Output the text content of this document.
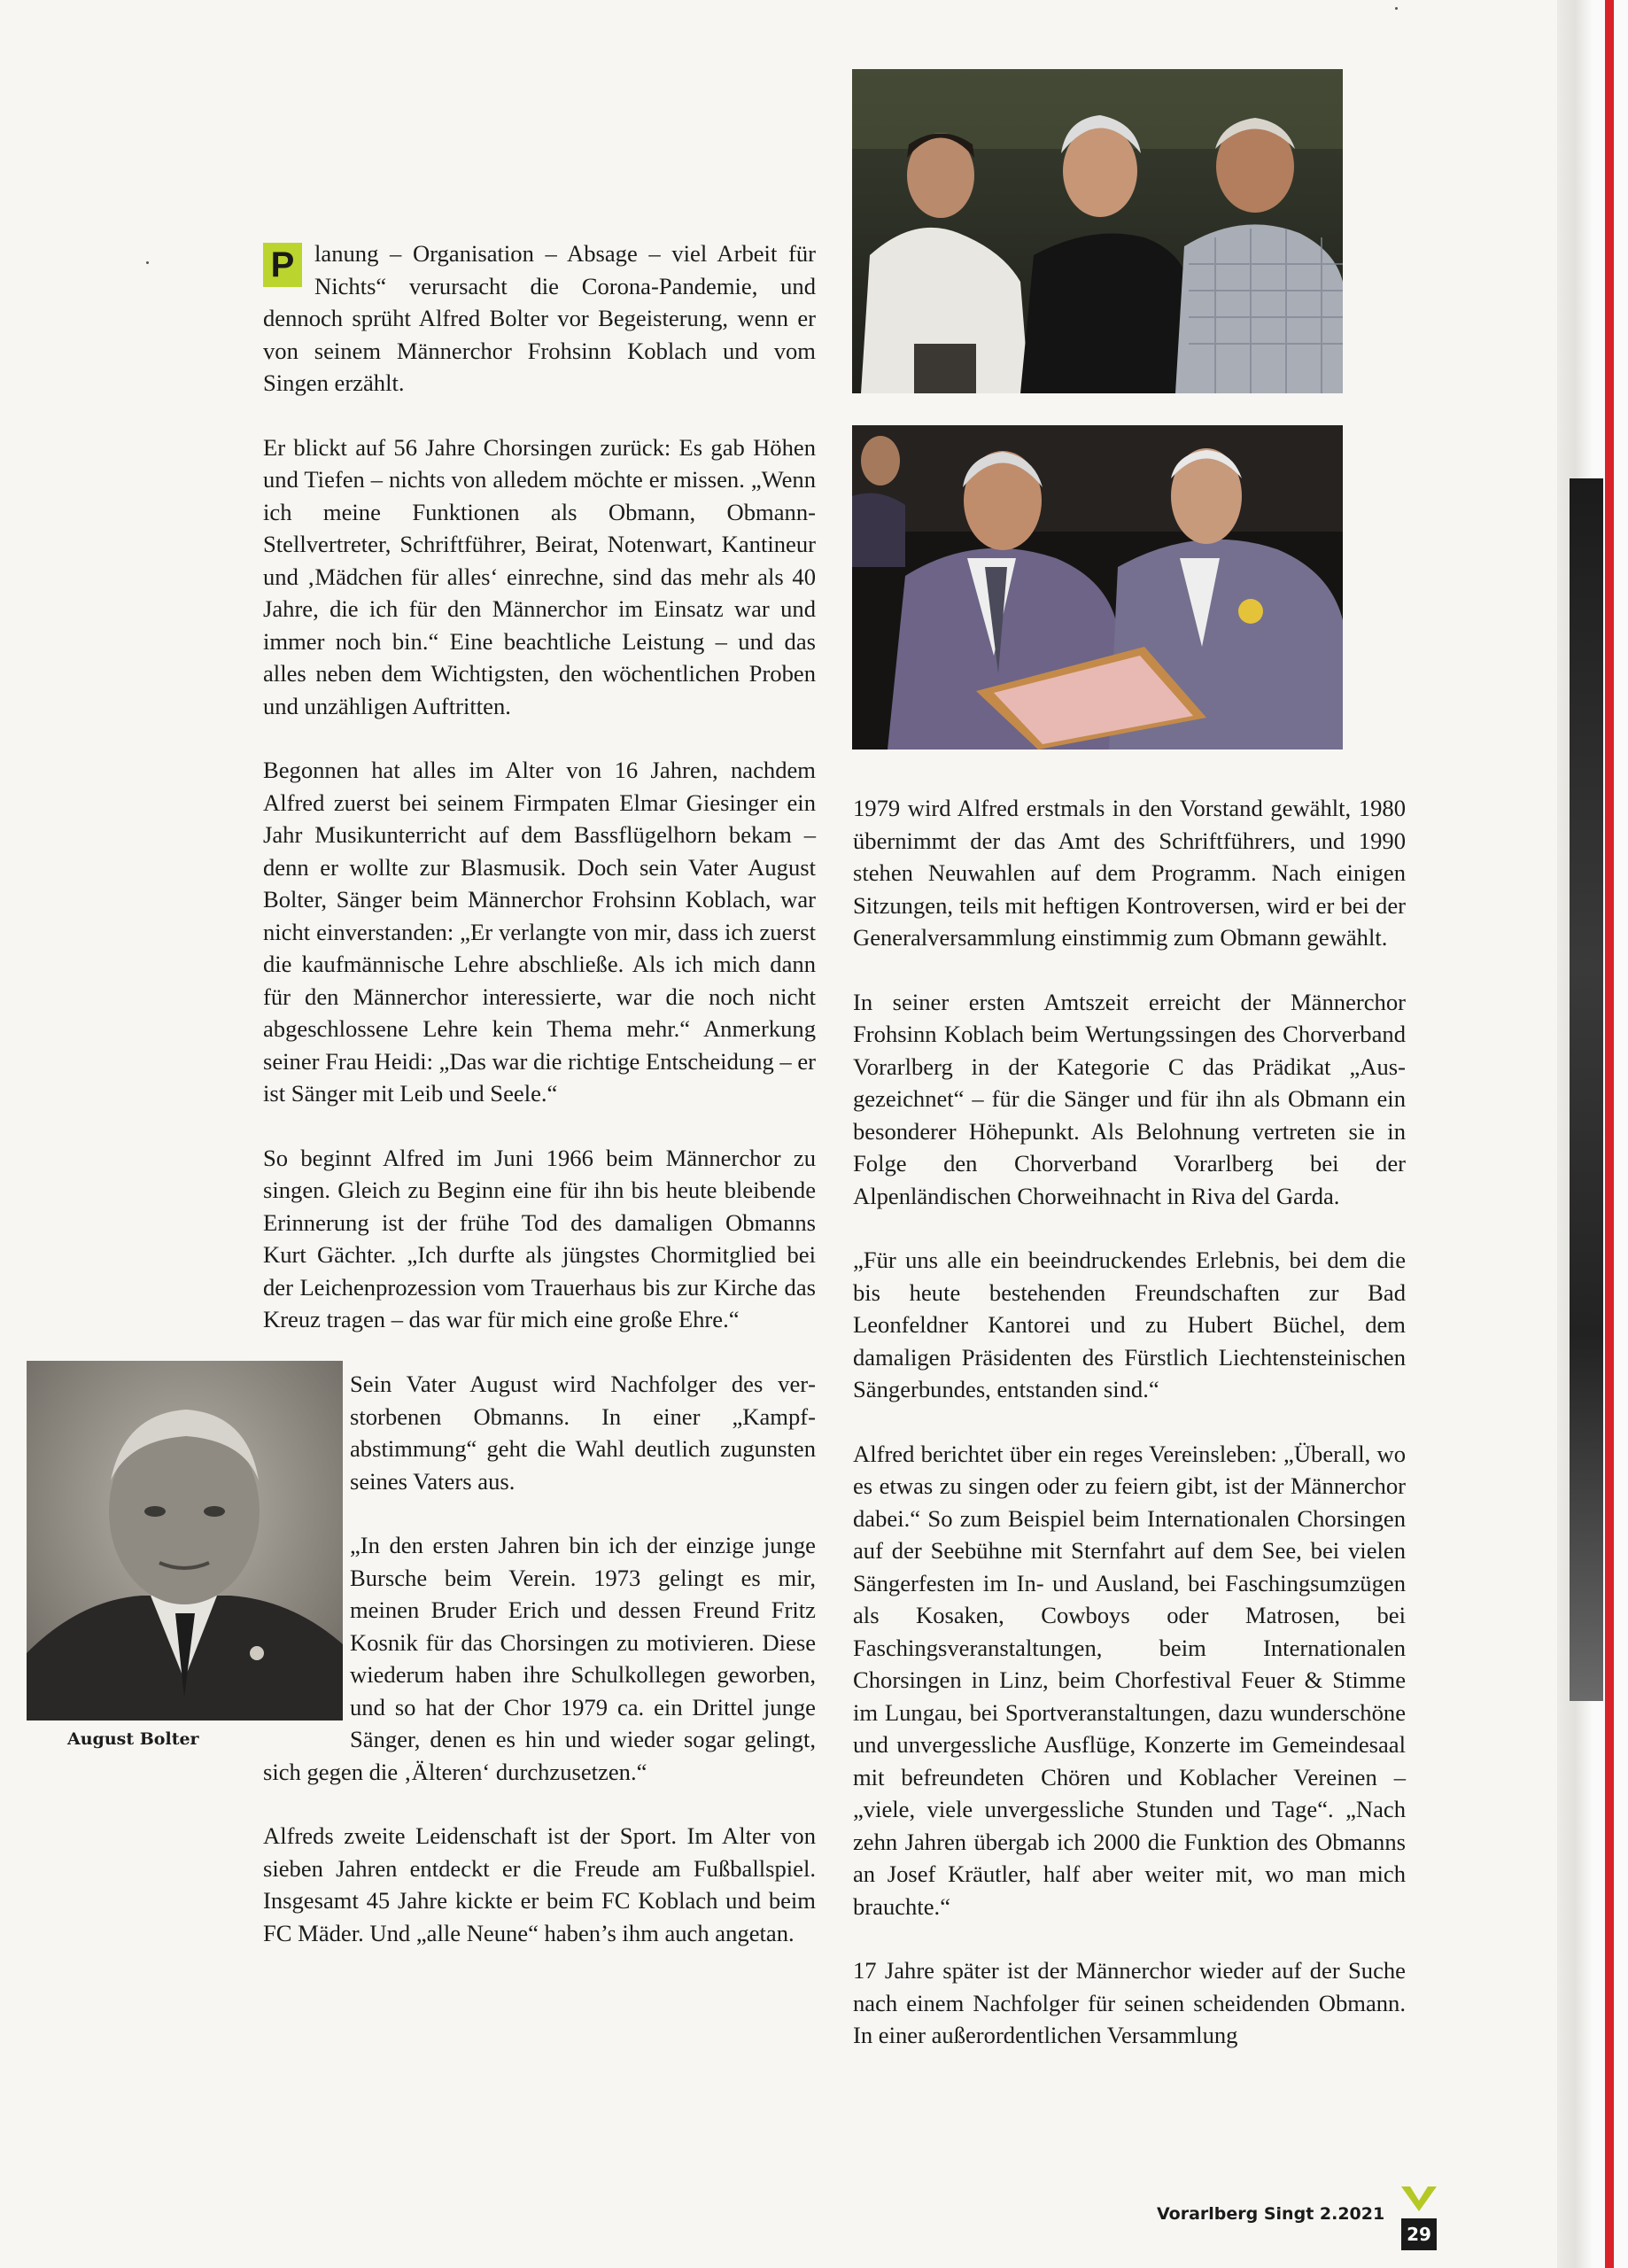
August Bolter

P lanung – Organisation – Absage – viel Arbeit für Nichts“ verursacht die Corona-Pandemie, und dennoch sprüht Alfred Bolter vor Begeisterung, wenn er von seinem Männerchor Frohsinn Koblach und vom Singen erzählt.

Er blickt auf 56 Jahre Chorsingen zurück: Es gab Höhen und Tiefen – nichts von alledem möchte er missen. „Wenn ich meine Funktionen als Obmann, Obmann-Stellvertreter, Schriftführer, Beirat, Notenwart, Kantineur und ‚Mädchen für alles‘ einrechne, sind das mehr als 40 Jahre, die ich für den Männerchor im Einsatz war und immer noch bin.“ Eine beachtliche Leistung – und das alles neben dem Wichtigsten, den wöchentlichen Proben und unzähligen Auftritten.

Begonnen hat alles im Alter von 16 Jahren, nachdem Alfred zuerst bei seinem Firmpaten Elmar Giesinger ein Jahr Musikunterricht auf dem Bassflügelhorn bekam – denn er wollte zur Blasmusik. Doch sein Vater August Bolter, Sänger beim Männerchor Frohsinn Koblach, war nicht einverstanden: „Er verlangte von mir, dass ich zuerst die kaufmännische Lehre abschließe. Als ich mich dann für den Männerchor interessierte, war die noch nicht abgeschlossene Lehre kein Thema mehr.“ Anmerkung seiner Frau Heidi: „Das war die richtige Entscheidung – er ist Sänger mit Leib und Seele.“

So beginnt Alfred im Juni 1966 beim Männerchor zu singen. Gleich zu Beginn eine für ihn bis heute bleibende Erinnerung ist der frühe Tod des damaligen Obmanns Kurt Gächter. „Ich durfte als jüngstes Chormitglied bei der Leichenprozession vom Trauerhaus bis zur Kirche das Kreuz tragen – das war für mich eine große Ehre.“

Sein Vater August wird Nachfolger des verstorbenen Obmanns. In einer „Kampfabstimmung“ geht die Wahl deutlich zugunsten seines Vaters aus.

„In den ersten Jahren bin ich der einzige junge Bursche beim Verein. 1973 gelingt es mir, meinen Bruder Erich und dessen Freund Fritz Kosnik für das Chorsingen zu motivieren. Diese wiederum haben ihre Schulkollegen geworben, und so hat der Chor 1979 ca. ein Drittel junge Sänger, denen es hin und wieder sogar gelingt, sich gegen die ‚Älteren‘ durchzusetzen.“

Alfreds zweite Leidenschaft ist der Sport. Im Alter von sieben Jahren entdeckt er die Freude am Fußballspiel. Insgesamt 45 Jahre kickte er beim FC Koblach und beim FC Mäder. Und „alle Neune“ haben’s ihm auch angetan.

1979 wird Alfred erstmals in den Vorstand gewählt, 1980 übernimmt der das Amt des Schriftführers, und 1990 stehen Neuwahlen auf dem Programm. Nach einigen Sitzungen, teils mit heftigen Kontroversen, wird er bei der Generalversammlung einstimmig zum Obmann gewählt.

In seiner ersten Amtszeit erreicht der Männerchor Frohsinn Koblach beim Wertungssingen des Chorverband Vorarlberg in der Kategorie C das Prädikat „Ausgezeichnet“ – für die Sänger und für ihn als Obmann ein besonderer Höhepunkt. Als Belohnung vertreten sie in Folge den Chorverband Vorarlberg bei der Alpenländischen Chorweihnacht in Riva del Garda.

„Für uns alle ein beeindruckendes Erlebnis, bei dem die bis heute bestehenden Freundschaften zur Bad Leonfeldner Kantorei und zu Hubert Büchel, dem damaligen Präsidenten des Fürstlich Liechtensteinischen Sängerbundes, entstanden sind.“

Alfred berichtet über ein reges Vereinsleben: „Überall, wo es etwas zu singen oder zu feiern gibt, ist der Männerchor dabei.“ So zum Beispiel beim Internationalen Chorsingen auf der Seebühne mit Sternfahrt auf dem See, bei vielen Sängerfesten im In- und Ausland, bei Faschingsumzügen als Kosaken, Cowboys oder Matrosen, bei Faschingsveranstaltungen, beim Internationalen Chorsingen in Linz, beim Chorfestival Feuer & Stimme im Lungau, bei Sportveranstaltungen, dazu wunderschöne und unvergessliche Ausflüge, Konzerte im Gemeindesaal mit befreundeten Chören und Koblacher Vereinen – „viele, viele unvergessliche Stunden und Tage“. „Nach zehn Jahren übergab ich 2000 die Funktion des Obmanns an Josef Kräutler, half aber weiter mit, wo man mich brauchte.“

17 Jahre später ist der Männerchor wieder auf der Suche nach einem Nachfolger für seinen scheidenden Obmann. In einer außerordentlichen Versammlung

Vorarlberg Singt 2.2021
29
